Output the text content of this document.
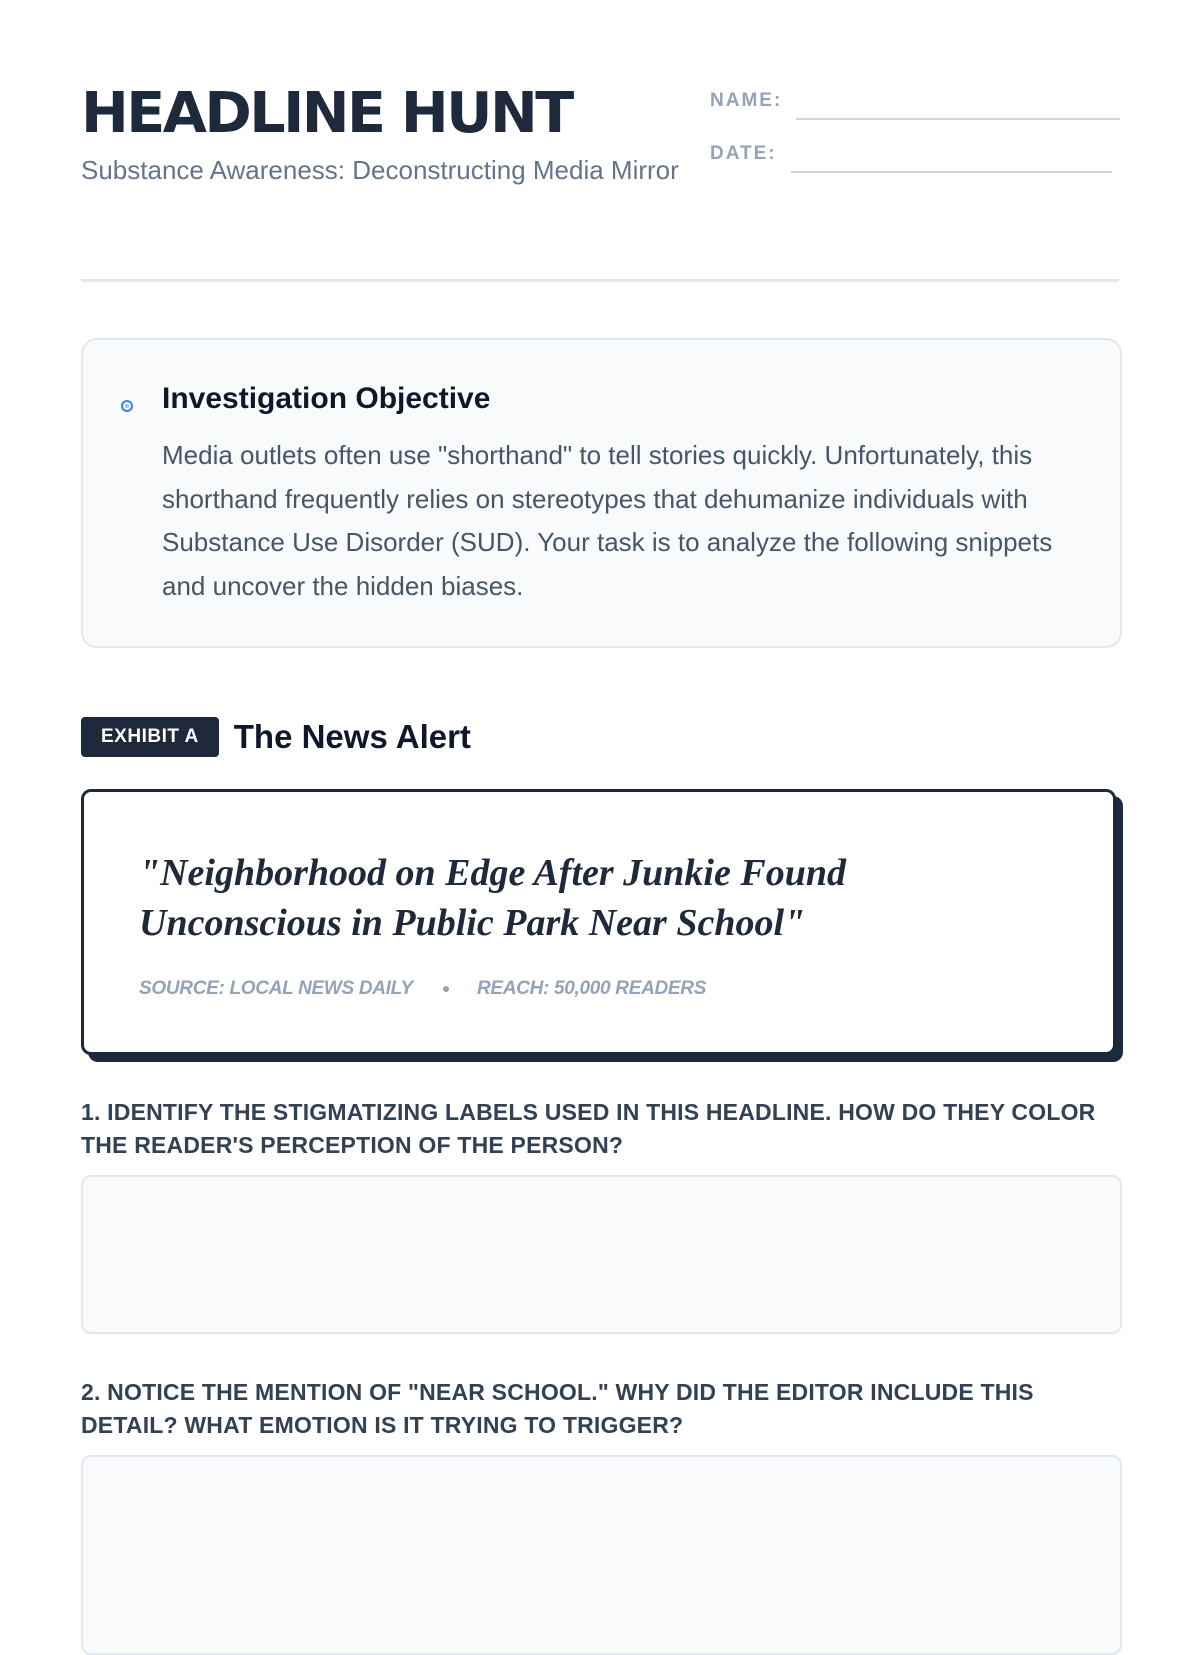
HEADLINE HUNT
Substance Awareness: Deconstructing Media Mirror
NAME:
DATE:
Investigation Objective
Media outlets often use "shorthand" to tell stories quickly. Unfortunately, this shorthand frequently relies on stereotypes that dehumanize individuals with Substance Use Disorder (SUD). Your task is to analyze the following snippets and uncover the hidden biases.
EXHIBIT A	The News Alert
"Neighborhood on Edge After Junkie Found Unconscious in Public Park Near School"
SOURCE: LOCAL NEWS DAILY	REACH: 50,000 READERS
1. IDENTIFY THE STIGMATIZING LABELS USED IN THIS HEADLINE. HOW DO THEY COLOR THE READER'S PERCEPTION OF THE PERSON?
2. NOTICE THE MENTION OF "NEAR SCHOOL." WHY DID THE EDITOR INCLUDE THIS DETAIL? WHAT EMOTION IS IT TRYING TO TRIGGER?
